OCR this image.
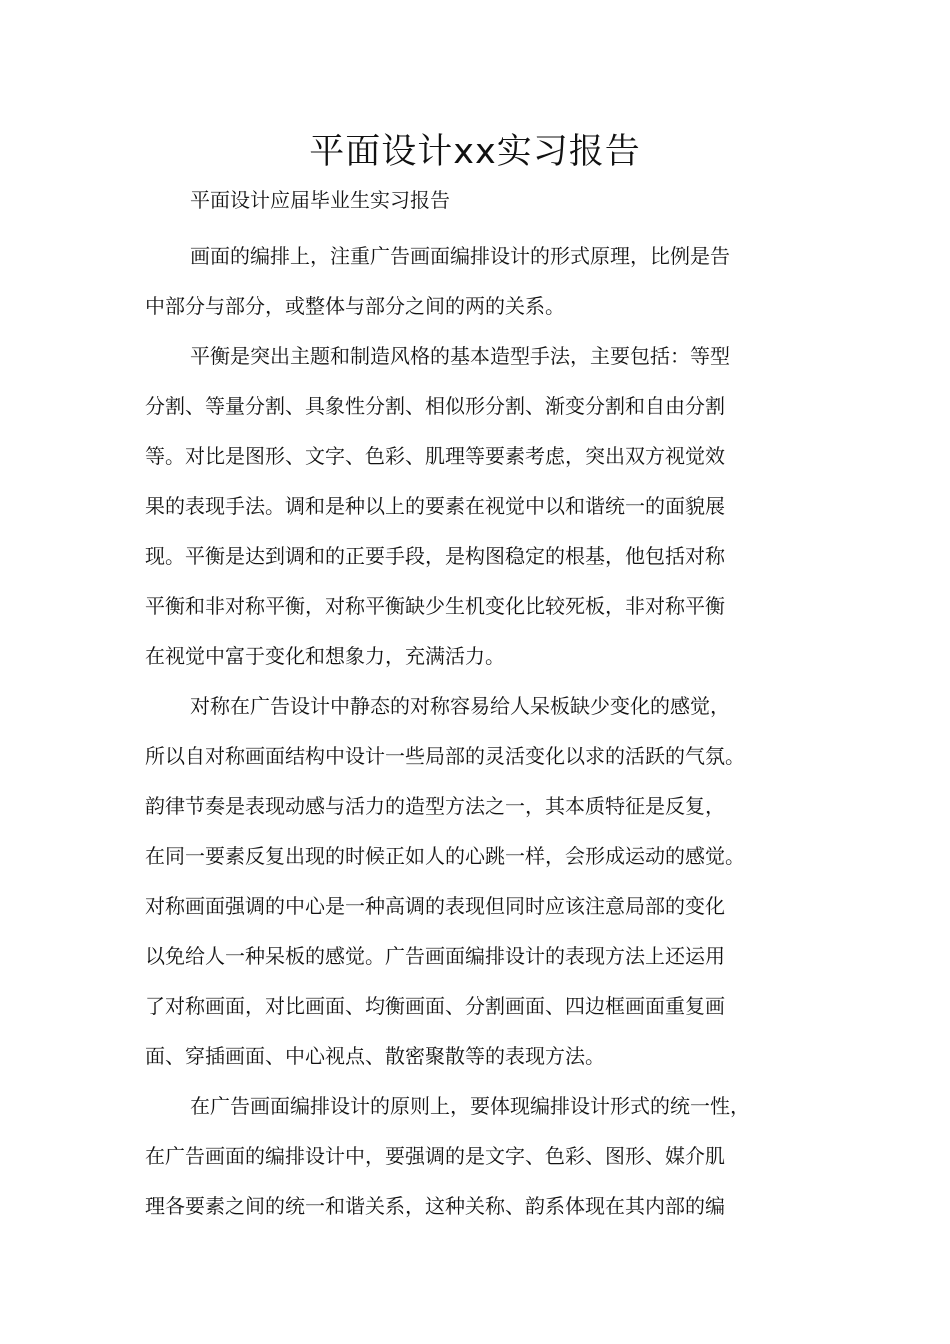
平面设计xx实习报告

平面设计应届毕业生实习报告

画面的编排上，注重广告画面编排设计的形式原理，比例是告
中部分与部分，或整体与部分之间的两的关系。

平衡是突出主题和制造风格的基本造型手法，主要包括：等型
分割、等量分割、具象性分割、相似形分割、渐变分割和自由分割
等。对比是图形、文字、色彩、肌理等要素考虑，突出双方视觉效
果的表现手法。调和是种以上的要素在视觉中以和谐统一的面貌展
现。平衡是达到调和的正要手段，是构图稳定的根基，他包括对称
平衡和非对称平衡，对称平衡缺少生机变化比较死板，非对称平衡
在视觉中富于变化和想象力，充满活力。

对称在广告设计中静态的对称容易给人呆板缺少变化的感觉，
所以自对称画面结构中设计一些局部的灵活变化以求的活跃的气氛。
韵律节奏是表现动感与活力的造型方法之一，其本质特征是反复，
在同一要素反复出现的时候正如人的心跳一样，会形成运动的感觉。
对称画面强调的中心是一种高调的表现但同时应该注意局部的变化
以免给人一种呆板的感觉。广告画面编排设计的表现方法上还运用
了对称画面，对比画面、均衡画面、分割画面、四边框画面重复画
面、穿插画面、中心视点、散密聚散等的表现方法。

在广告画面编排设计的原则上，要体现编排设计形式的统一性，
在广告画面的编排设计中，要强调的是文字、色彩、图形、媒介肌
理各要素之间的统一和谐关系，这种关称、韵系体现在其内部的编
